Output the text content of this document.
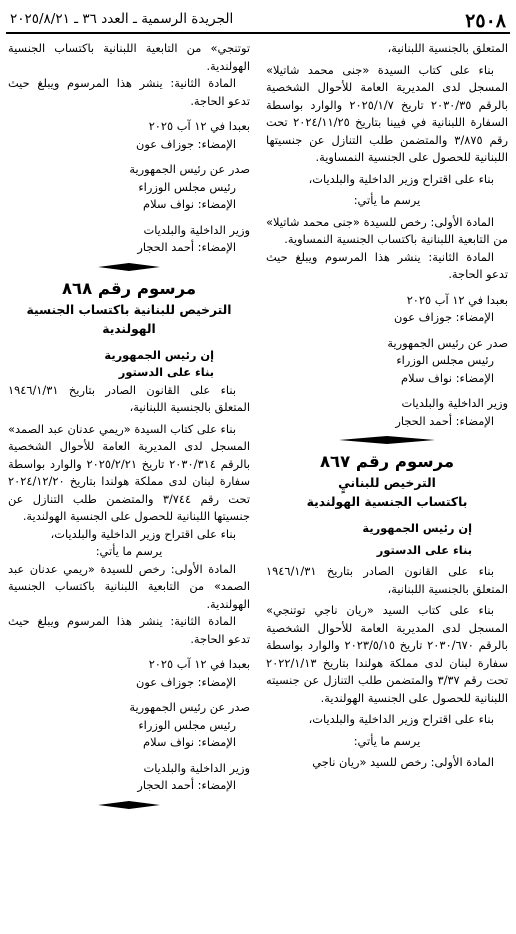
٢٥٠٨
الجريدة الرسمية ـ العدد ٣٦ ـ ٢٠٢٥/٨/٢١

المتعلق بالجنسية اللبنانية،

بناء على كتاب السيدة «جنى محمد شاتيلا» المسجل لدى المديرية العامة للأحوال الشخصية بالرقم ٢٠٣٠/٣٥ تاريخ ٢٠٢٥/١/٧ والوارد بواسطة السفارة اللبنانية في فيينا بتاريخ ٢٠٢٤/١١/٢٥ تحت رقم ٣/٨٧٥ والمتضمن طلب التنازل عن جنسيتها اللبنانية للحصول على الجنسية النمساوية.

بناء على اقتراح وزير الداخلية والبلديات،

يرسم ما يأتي:

المادة الأولى: رخص للسيدة «جنى محمد شاتيلا» من التابعية اللبنانية باكتساب الجنسية النمساوية.

المادة الثانية: ينشر هذا المرسوم ويبلغ حيث تدعو الحاجة.

بعبدا في ١٢ آب ٢٠٢٥

الإمضاء: جوزاف عون

صدر عن رئيس الجمهورية

رئيس مجلس الوزراء

الإمضاء: نواف سلام

وزير الداخلية والبلديات

الإمضاء: أحمد الحجار

مرسوم رقم ٨٦٧

الترخيص للبنانيٍ

باكتساب الجنسية الهولندية

إن رئيس الجمهورية

بناء على الدستور

بناء على القانون الصادر بتاريخ ١٩٤٦/١/٣١ المتعلق بالجنسية اللبنانية،

بناء على كتاب السيد «ريان ناجي توتنجي» المسجل لدى المديرية العامة للأحوال الشخصية بالرقم ٢٠٣٠/٦٧٠ تاريخ ٢٠٢٣/٥/١٥ والوارد بواسطة سفارة لبنان لدى مملكة هولندا بتاريخ ٢٠٢٢/١/١٣ تحت رقم ٣/٣٧ والمتضمن طلب التنازل عن جنسيته اللبنانية للحصول على الجنسية الهولندية.

بناء على اقتراح وزير الداخلية والبلديات،

يرسم ما يأتي:

المادة الأولى: رخص للسيد «ريان ناجي

توتنجي» من التابعية اللبنانية باكتساب الجنسية الهولندية.

المادة الثانية: ينشر هذا المرسوم ويبلغ حيث تدعو الحاجة.

بعبدا في ١٢ آب ٢٠٢٥

الإمضاء: جوزاف عون

صدر عن رئيس الجمهورية

رئيس مجلس الوزراء

الإمضاء: نواف سلام

وزير الداخلية والبلديات

الإمضاء: أحمد الحجار

مرسوم رقم ٨٦٨

الترخيص للبنانية باكتساب الجنسية الهولندية

إن رئيس الجمهورية

بناء على الدستور

بناء على القانون الصادر بتاريخ ١٩٤٦/١/٣١ المتعلق بالجنسية اللبنانية،

بناء على كتاب السيدة «ريمي عدنان عبد الصمد» المسجل لدى المديرية العامة للأحوال الشخصية بالرقم ٢٠٣٠/٣١٤ تاريخ ٢٠٢٥/٢/٢١ والوارد بواسطة سفارة لبنان لدى مملكة هولندا بتاريخ ٢٠٢٤/١٢/٢٠ تحت رقم ٣/٧٤٤ والمتضمن طلب التنازل عن جنسيتها اللبنانية للحصول على الجنسية الهولندية.

بناء على اقتراح وزير الداخلية والبلديات،

يرسم ما يأتي:

المادة الأولى: رخص للسيدة «ريمي عدنان عبد الصمد» من التابعية اللبنانية باكتساب الجنسية الهولندية.

المادة الثانية: ينشر هذا المرسوم ويبلغ حيث تدعو الحاجة.

بعبدا في ١٢ آب ٢٠٢٥

الإمضاء: جوزاف عون

صدر عن رئيس الجمهورية

رئيس مجلس الوزراء

الإمضاء: نواف سلام

وزير الداخلية والبلديات

الإمضاء: أحمد الحجار
